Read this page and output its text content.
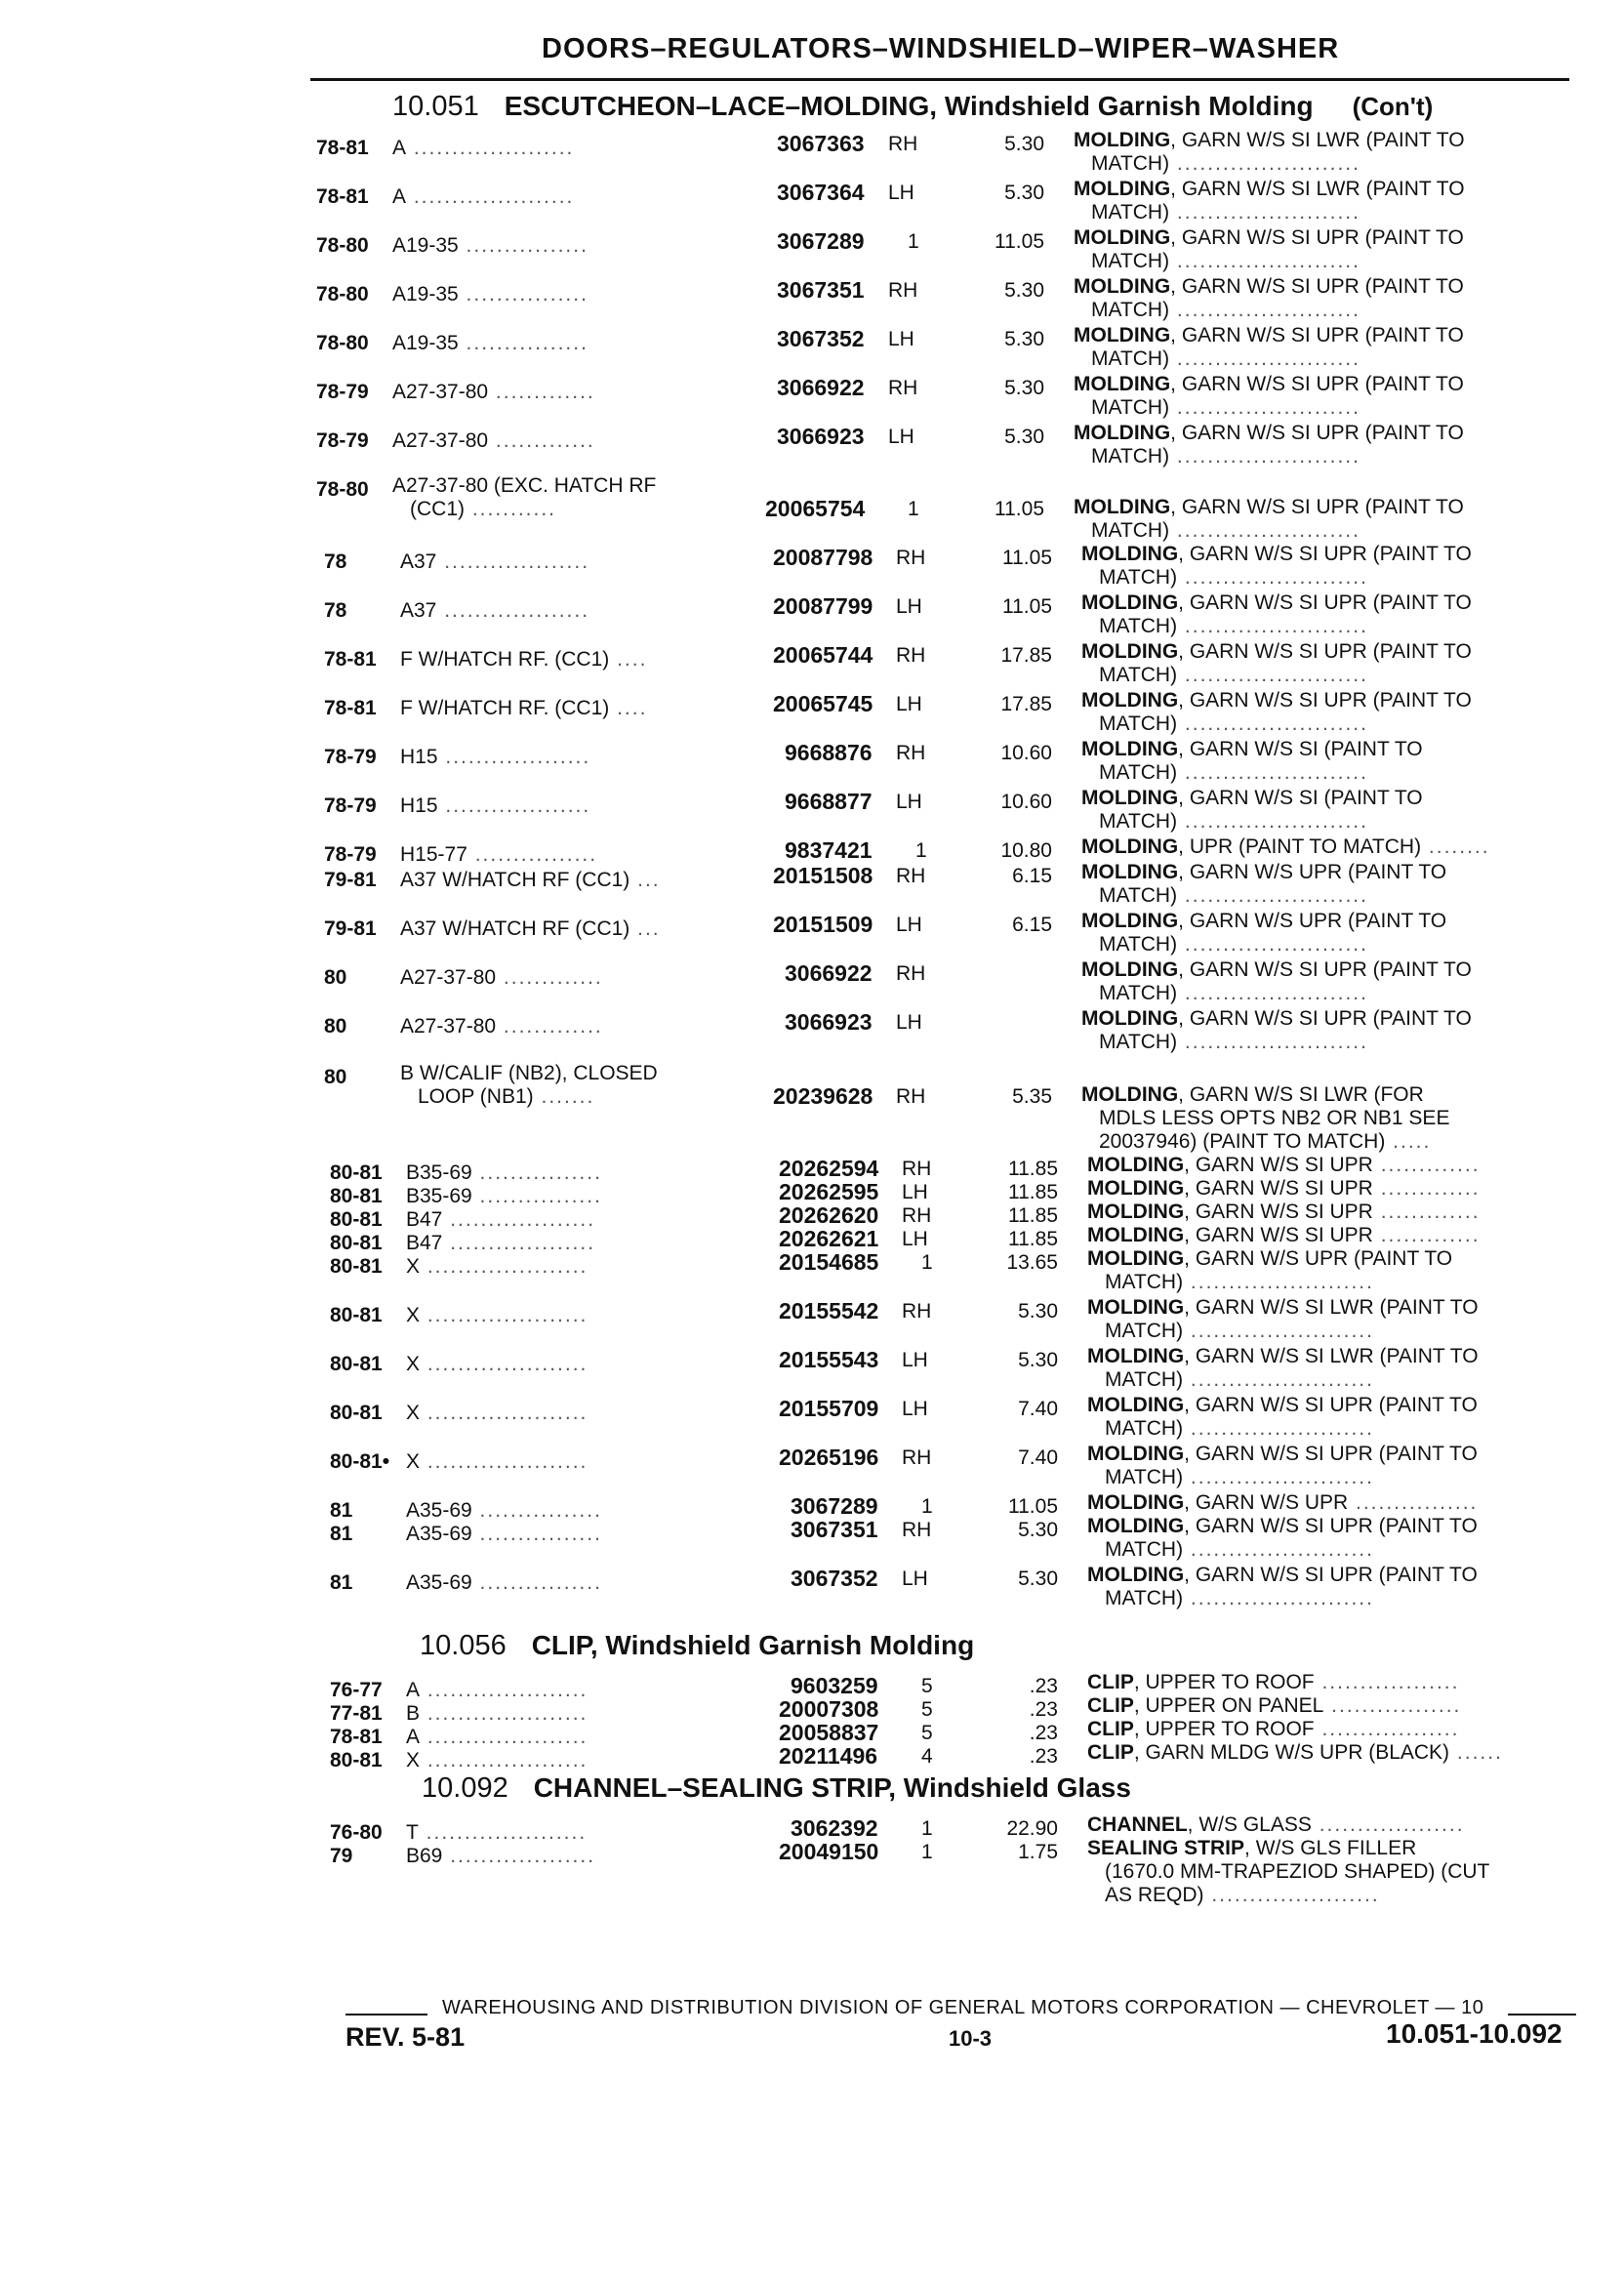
DOORS–REGULATORS–WINDSHIELD–WIPER–WASHER
10.051 ESCUTCHEON–LACE–MOLDING, Windshield Garnish Molding (Con't)
10.056 CLIP, Windshield Garnish Molding
10.092 CHANNEL–SEALING STRIP, Windshield Glass
78-81 A .....................	3067363 RH	5.30 MOLDING, GARN W/S SI LWR (PAINT TO
MATCH) ........................
78-81 A .....................	3067364 LH	5.30 MOLDING, GARN W/S SI LWR (PAINT TO
MATCH) ........................
78-80 A19-35 ................	3067289 1	11.05 MOLDING, GARN W/S SI UPR (PAINT TO
MATCH) ........................
78-80 A19-35 ................	3067351 RH	5.30 MOLDING, GARN W/S SI UPR (PAINT TO
MATCH) ........................
78-80 A19-35 ................	3067352 LH	5.30 MOLDING, GARN W/S SI UPR (PAINT TO
MATCH) ........................
78-79 A27-37-80 .............	3066922 RH	5.30 MOLDING, GARN W/S SI UPR (PAINT TO
MATCH) ........................
78-79 A27-37-80 .............	3066923 LH	5.30 MOLDING, GARN W/S SI UPR (PAINT TO
MATCH) ........................
78-80 A27-37-80 (EXC. HATCH RF
(CC1) ...........	20065754 1	11.05 MOLDING, GARN W/S SI UPR (PAINT TO
MATCH) ........................
78	A37 ...................	20087798 RH	11.05 MOLDING, GARN W/S SI UPR (PAINT TO
MATCH) ........................
78	A37 ...................	20087799 LH	11.05 MOLDING, GARN W/S SI UPR (PAINT TO
MATCH) ........................
78-81 F W/HATCH RF. (CC1) ....	20065744 RH	17.85 MOLDING, GARN W/S SI UPR (PAINT TO
MATCH) ........................
78-81 F W/HATCH RF. (CC1) ....	20065745 LH	17.85 MOLDING, GARN W/S SI UPR (PAINT TO
MATCH) ........................
78-79 H15 ...................	9668876 RH	10.60 MOLDING, GARN W/S SI (PAINT TO
MATCH) ........................
78-79 H15 ...................	9668877 LH	10.60 MOLDING, GARN W/S SI (PAINT TO
MATCH) ........................
78-79 H15-77 ................	9837421 1	10.80 MOLDING, UPR (PAINT TO MATCH) ........
79-81 A37 W/HATCH RF (CC1) ...	20151508 RH	6.15 MOLDING, GARN W/S UPR (PAINT TO
MATCH) ........................
79-81 A37 W/HATCH RF (CC1) ...	20151509 LH	6.15 MOLDING, GARN W/S UPR (PAINT TO
MATCH) ........................
80	A27-37-80 .............	3066922 RH	MOLDING, GARN W/S SI UPR (PAINT TO
MATCH) ........................
80	A27-37-80 .............	3066923 LH	MOLDING, GARN W/S SI UPR (PAINT TO
MATCH) ........................
80	B W/CALIF (NB2), CLOSED
LOOP (NB1) .......	20239628 RH	5.35 MOLDING, GARN W/S SI LWR (FOR
MDLS LESS OPTS NB2 OR NB1 SEE
20037946) (PAINT TO MATCH) .....
80-81 B35-69 ................	20262594 RH	11.85 MOLDING, GARN W/S SI UPR .............
80-81 B35-69 ................	20262595 LH	11.85 MOLDING, GARN W/S SI UPR .............
80-81 B47 ...................	20262620 RH	11.85 MOLDING, GARN W/S SI UPR .............
80-81 B47 ...................	20262621 LH	11.85 MOLDING, GARN W/S SI UPR .............
80-81 X .....................	20154685 1	13.65 MOLDING, GARN W/S UPR (PAINT TO
MATCH) ........................
80-81 X .....................	20155542 RH	5.30 MOLDING, GARN W/S SI LWR (PAINT TO
MATCH) ........................
80-81 X .....................	20155543 LH	5.30 MOLDING, GARN W/S SI LWR (PAINT TO
MATCH) ........................
80-81 X .....................	20155709 LH	7.40 MOLDING, GARN W/S SI UPR (PAINT TO
MATCH) ........................
80-81• X .....................	20265196 RH	7.40 MOLDING, GARN W/S SI UPR (PAINT TO
MATCH) ........................
81	A35-69 ................	3067289 1	11.05 MOLDING, GARN W/S UPR ................
81	A35-69 ................	3067351 RH	5.30 MOLDING, GARN W/S SI UPR (PAINT TO
MATCH) ........................
81	A35-69 ................	3067352 LH	5.30 MOLDING, GARN W/S SI UPR (PAINT TO
MATCH) ........................
76-77 A .....................	9603259 5	.23 CLIP, UPPER TO ROOF ..................
77-81 B .....................	20007308 5	.23 CLIP, UPPER ON PANEL .................
78-81 A .....................	20058837 5	.23 CLIP, UPPER TO ROOF ..................
80-81 X .....................	20211496 4	.23 CLIP, GARN MLDG W/S UPR (BLACK) ......
76-80 T .....................	3062392 1	22.90 CHANNEL, W/S GLASS ...................
79	B69 ...................	20049150 1	1.75 SEALING STRIP, W/S GLS FILLER
(1670.0 MM-TRAPEZIOD SHAPED) (CUT
AS REQD) ......................
WAREHOUSING AND DISTRIBUTION DIVISION OF GENERAL MOTORS CORPORATION — CHEVROLET — 10
REV. 5-81	10-3	10.051-10.092
